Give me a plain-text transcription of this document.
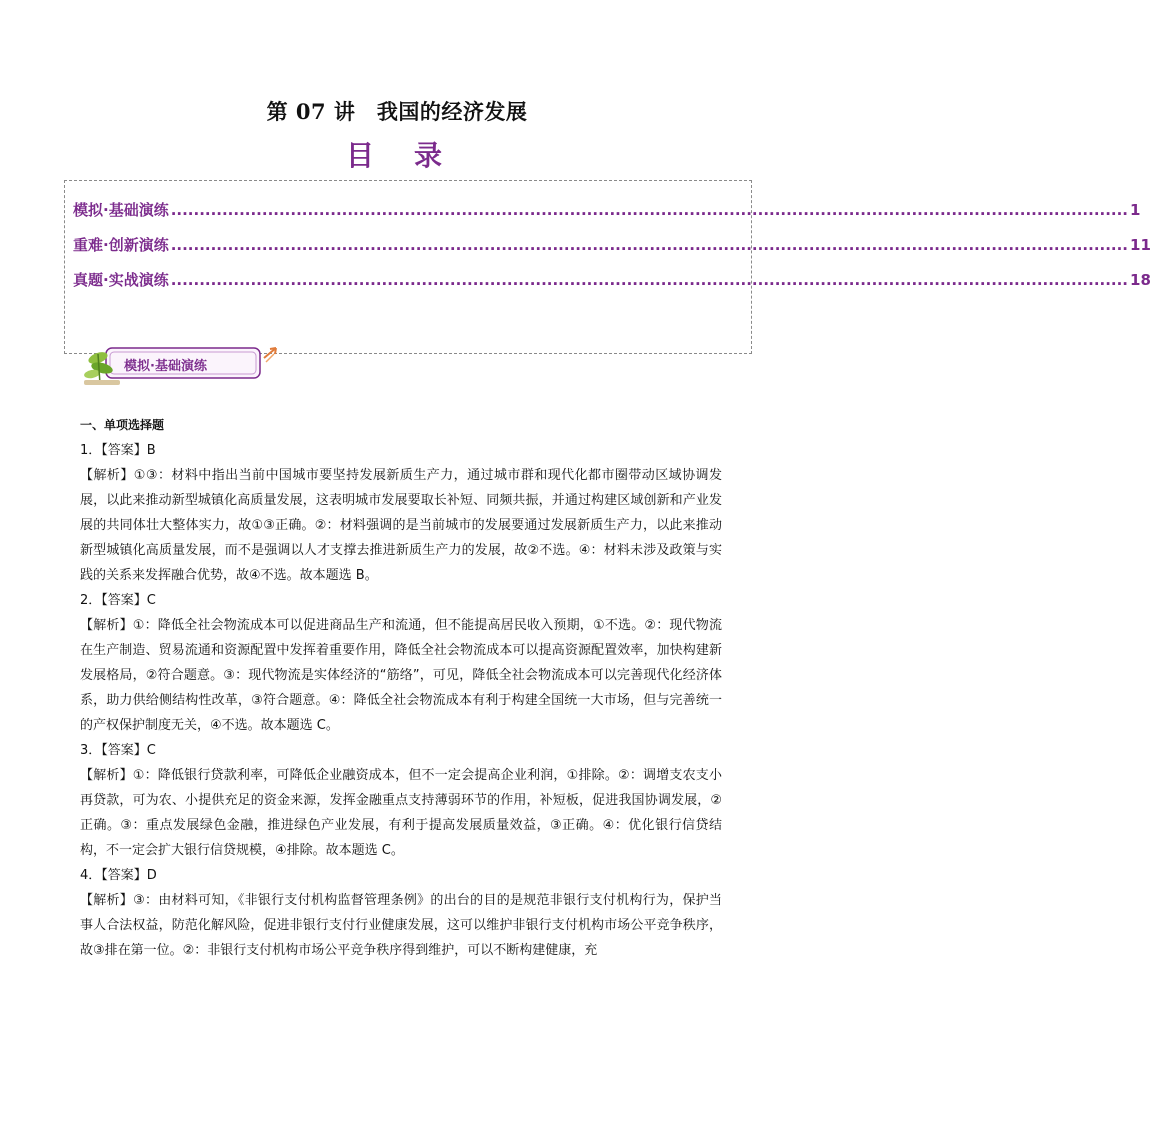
第 07 讲　我国的经济发展
目　录
模拟·基础演练 ........................................................................................................................................................................ 1
重难·创新演练 ........................................................................................................................................................................ 11
真题·实战演练 ........................................................................................................................................................................ 18
模拟·基础演练

一、单项选择题

1．【答案】B

【解析】①③：材料中指出当前中国城市要坚持发展新质生产力，通过城市群和现代化都市圈带动区域协调发展，以此来推动新型城镇化高质量发展，这表明城市发展要取长补短、同频共振，并通过构建区域创新和产业发展的共同体壮大整体实力，故①③正确。②：材料强调的是当前城市的发展要通过发展新质生产力，以此来推动新型城镇化高质量发展，而不是强调以人才支撑去推进新质生产力的发展，故②不选。④：材料未涉及政策与实践的关系来发挥融合优势，故④不选。故本题选 B。

2．【答案】C

【解析】①：降低全社会物流成本可以促进商品生产和流通，但不能提高居民收入预期，①不选。②：现代物流在生产制造、贸易流通和资源配置中发挥着重要作用，降低全社会物流成本可以提高资源配置效率，加快构建新发展格局，②符合题意。③：现代物流是实体经济的“筋络”，可见，降低全社会物流成本可以完善现代化经济体系，助力供给侧结构性改革，③符合题意。④：降低全社会物流成本有利于构建全国统一大市场，但与完善统一的产权保护制度无关，④不选。故本题选 C。

3．【答案】C

【解析】①：降低银行贷款利率，可降低企业融资成本，但不一定会提高企业利润，①排除。②：调增支农支小再贷款，可为农、小提供充足的资金来源，发挥金融重点支持薄弱环节的作用，补短板，促进我国协调发展，②正确。③：重点发展绿色金融，推进绿色产业发展，有利于提高发展质量效益，③正确。④：优化银行信贷结构，不一定会扩大银行信贷规模，④排除。故本题选 C。

4．【答案】D

【解析】③：由材料可知，《非银行支付机构监督管理条例》的出台的目的是规范非银行支付机构行为，保护当事人合法权益，防范化解风险，促进非银行支付行业健康发展，这可以维护非银行支付机构市场公平竞争秩序，故③排在第一位。②：非银行支付机构市场公平竞争秩序得到维护，可以不断构建健康，充
